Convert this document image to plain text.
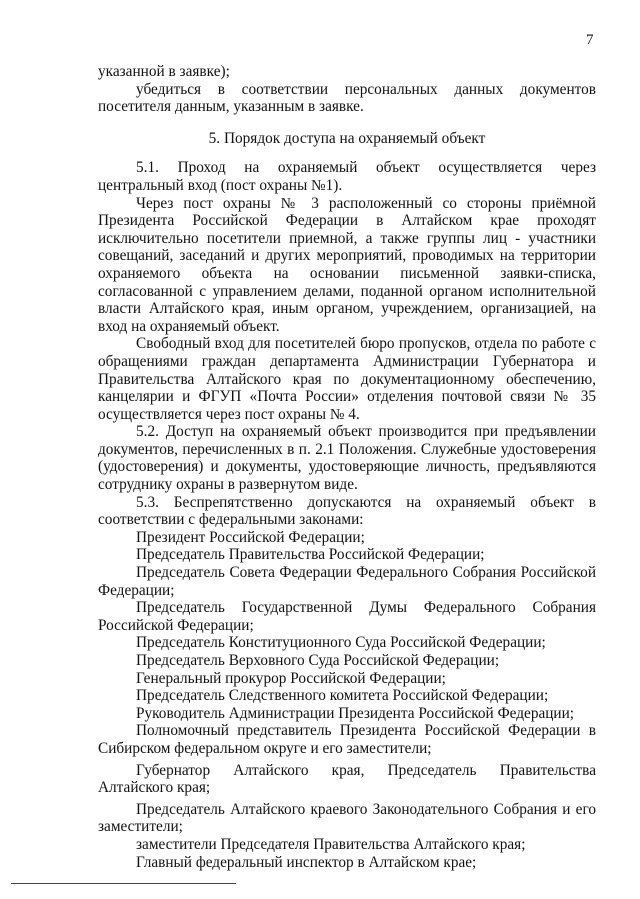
7

указанной в заявке);

убедиться в соответствии персональных данных документов посетителя данным, указанным в заявке.

5. Порядок доступа на охраняемый объект

5.1. Проход на охраняемый объект осуществляется через центральный вход (пост охраны №1).

Через пост охраны № 3 расположенный со стороны приёмной Президента Российской Федерации в Алтайском крае проходят исключительно посетители приемной, а также группы лиц - участники совещаний, заседаний и других мероприятий, проводимых на территории охраняемого объекта на основании письменной заявки-списка, согласованной с управлением делами, поданной органом исполнительной власти Алтайского края, иным органом, учреждением, организацией, на вход на охраняемый объект.

Свободный вход для посетителей бюро пропусков, отдела по работе с обращениями граждан департамента Администрации Губернатора и Правительства Алтайского края по документационному обеспечению, канцелярии и ФГУП «Почта России» отделения почтовой связи № 35 осуществляется через пост охраны № 4.

5.2. Доступ на охраняемый объект производится при предъявлении документов, перечисленных в п. 2.1 Положения. Служебные удостоверения (удостоверения) и документы, удостоверяющие личность, предъявляются сотруднику охраны в развернутом виде.

5.3. Беспрепятственно допускаются на охраняемый объект в соответствии с федеральными законами:

Президент Российской Федерации;

Председатель Правительства Российской Федерации;

Председатель Совета Федерации Федерального Собрания Российской Федерации;

Председатель Государственной Думы Федерального Собрания Российской Федерации;

Председатель Конституционного Суда Российской Федерации;

Председатель Верховного Суда Российской Федерации;

Генеральный прокурор Российской Федерации;

Председатель Следственного комитета Российской Федерации;

Руководитель Администрации Президента Российской Федерации;

Полномочный представитель Президента Российской Федерации в Сибирском федеральном округе и его заместители;

Губернатор Алтайского края, Председатель Правительства Алтайского края;

Председатель Алтайского краевого Законодательного Собрания и его заместители;

заместители Председателя Правительства Алтайского края;

Главный федеральный инспектор в Алтайском крае;
